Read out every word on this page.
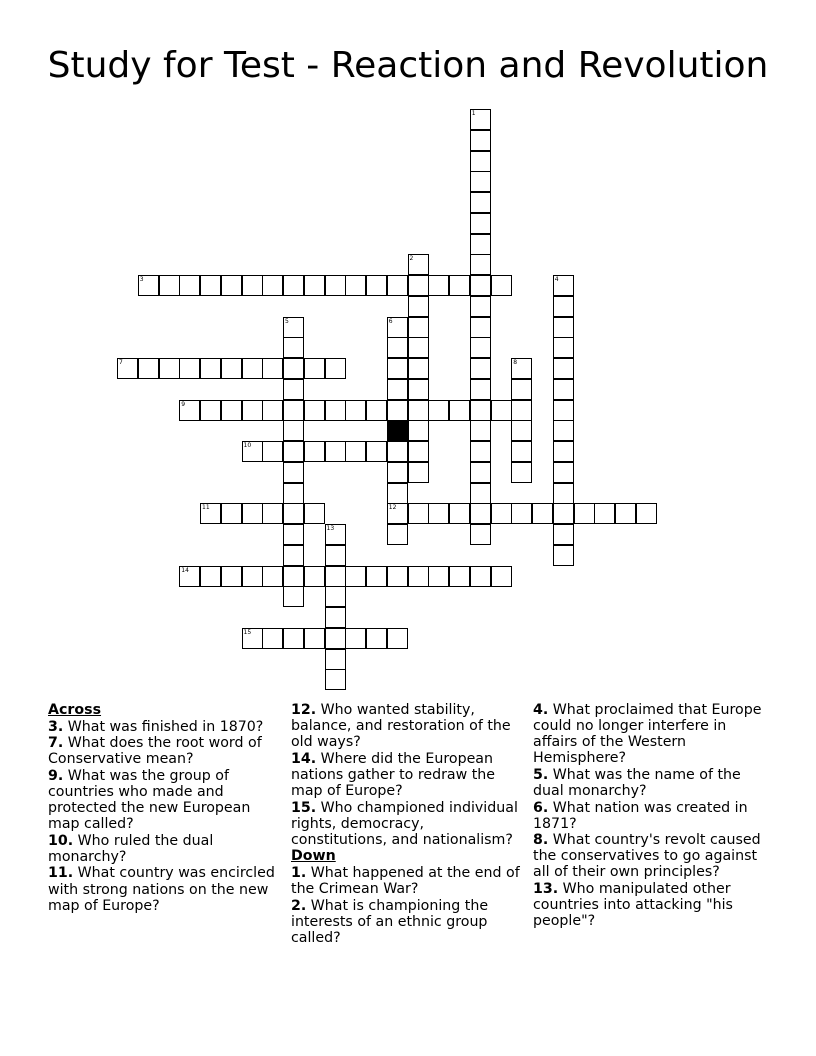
Study for Test - Reaction and Revolution
1
2
3	4
5	6
12
7	8
9
10
11
13
14
15
Across
3. What was finished in 1870?
7. What does the root word of Conservative mean?
9. What was the group of countries who made and protected the new European map called?
10. Who ruled the dual monarchy?
11. What country was encircled with strong nations on the new map of Europe?
12. Who wanted stability, balance, and restoration of the old ways?
14. Where did the European nations gather to redraw the map of Europe?
15. Who championed individual rights, democracy, constitutions, and nationalism?
Down
1. What happened at the end of the Crimean War?
2. What is championing the interests of an ethnic group called?
4. What proclaimed that Europe could no longer interfere in affairs of the Western Hemisphere?
5. What was the name of the dual monarchy?
6. What nation was created in 1871?
8. What country's revolt caused the conservatives to go against all of their own principles?
13. Who manipulated other countries into attacking "his people"?
